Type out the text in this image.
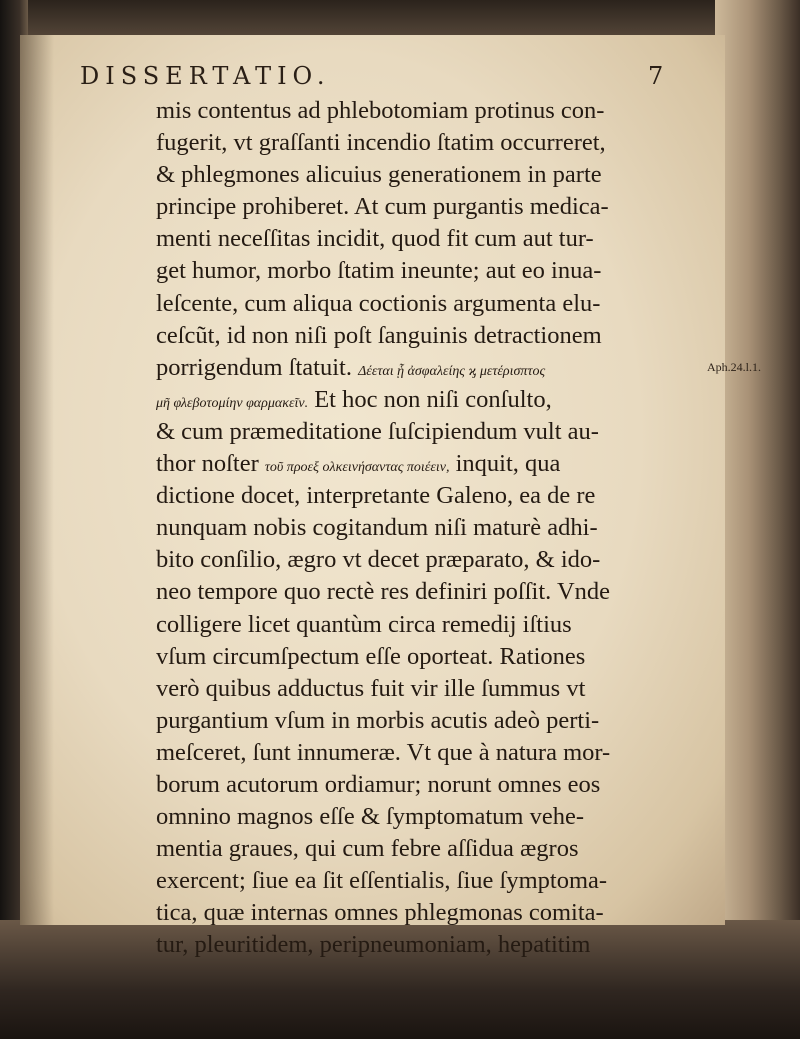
DISSERTATIO.	7
Aph.24.l.1.
mis contentus ad phlebotomiam protinus con-
fugerit, vt graſſanti incendio ſtatim occurreret,
& phlegmones alicuius generationem in parte
principe prohiberet. At cum purgantis medica-
menti neceſſitas incidit, quod fit cum aut tur-
get humor, morbo ſtatim ineunte; aut eo inua-
leſcente, cum aliqua coctionis argumenta elu-
ceſcũt, id non niſi poſt ſanguinis detractionem
porrigendum ſtatuit. Δέεται ᾗ ἀσφαλείης ϗ μετέρισπτος
μῆ φλεβοτομίην φαρμακεῖν. Et hoc non niſi conſulto,
& cum præmeditatione ſuſcipiendum vult au-
thor noſter τοῦ προεξ ολκεινήσαντας ποιέειν, inquit, qua
dictione docet, interpretante Galeno, ea de re
nunquam nobis cogitandum niſi maturè adhi-
bito conſilio, ægro vt decet præparato, & ido-
neo tempore quo rectè res definiri poſſit. Vnde
colligere licet quantùm circa remedij iſtius
vſum circumſpectum eſſe oporteat. Rationes
verò quibus adductus fuit vir ille ſummus vt
purgantium vſum in morbis acutis adeò perti-
meſceret, ſunt innumeræ. Vt que à natura mor-
borum acutorum ordiamur; norunt omnes eos
omnino magnos eſſe & ſymptomatum vehe-
mentia graues, qui cum febre aſſidua ægros
exercent; ſiue ea ſit eſſentialis, ſiue ſymptoma-
tica, quæ internas omnes phlegmonas comita-
tur, pleuritidem, peripneumoniam, hepatitim
